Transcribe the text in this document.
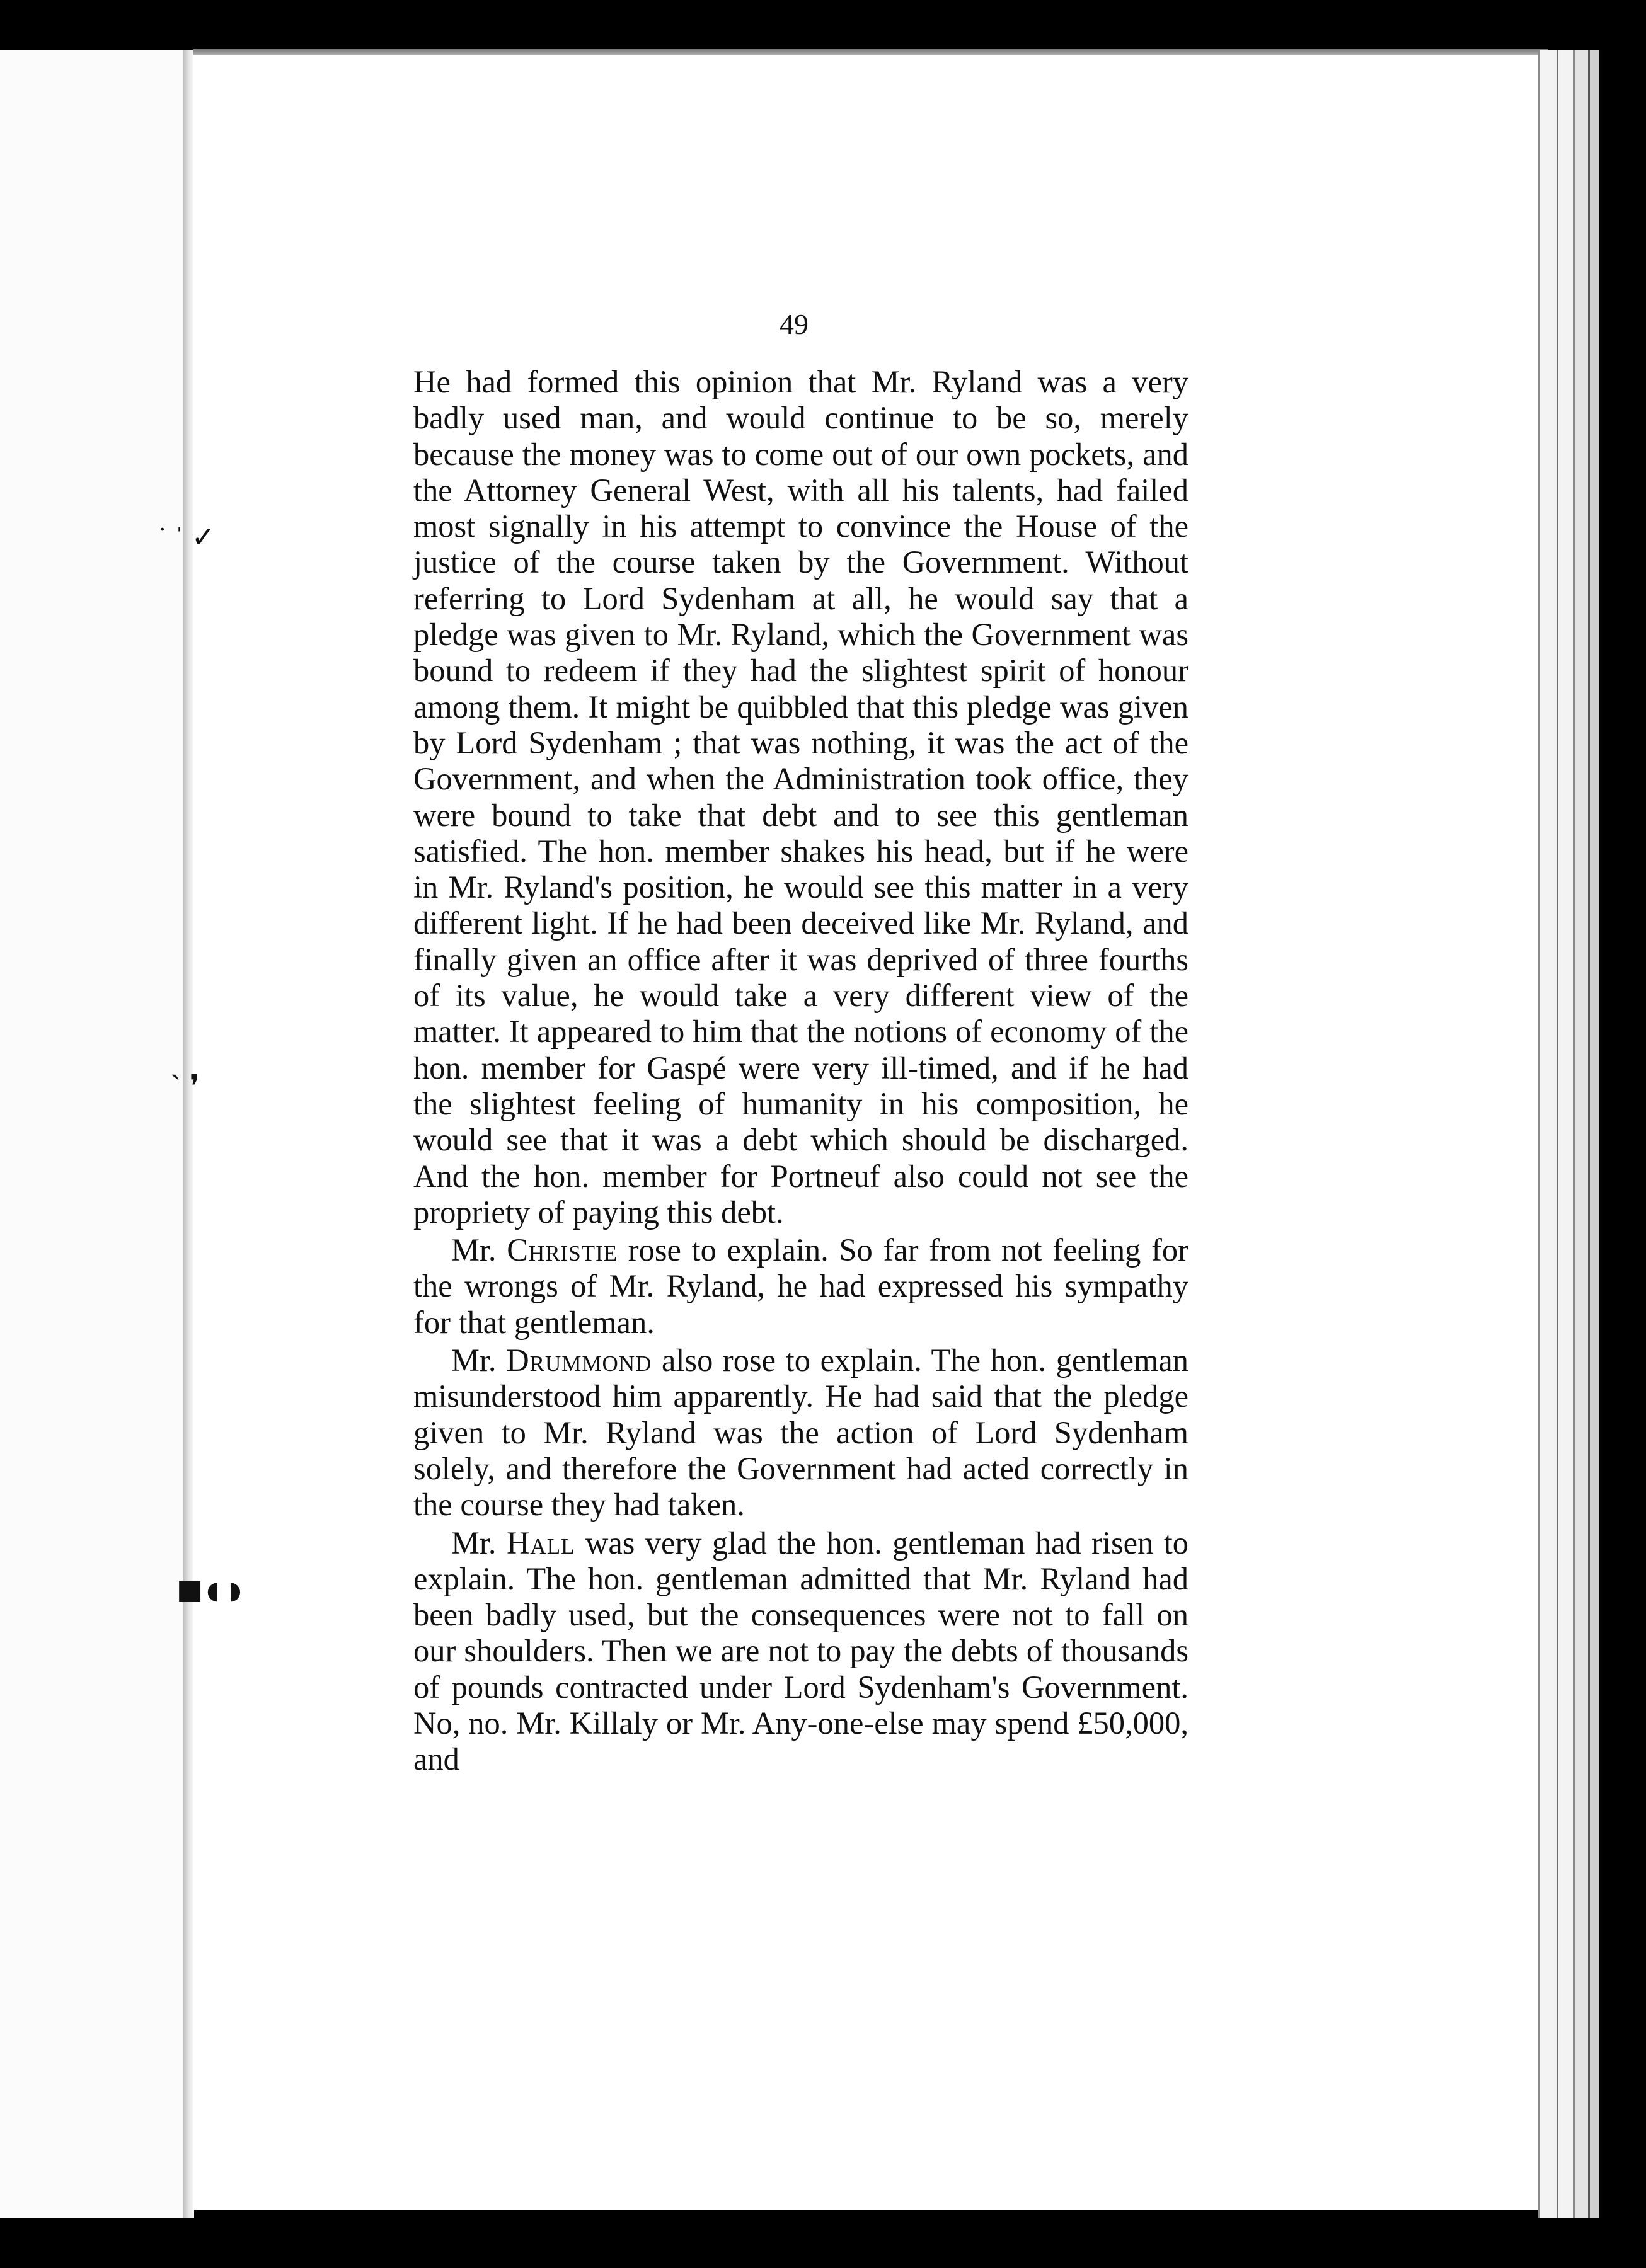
˙ ˈ ✓
ˋ ❜
■◖◗
49

He had formed this opinion that Mr. Ryland was a very badly used man, and would continue to be so, merely because the money was to come out of our own pockets, and the Attorney General West, with all his talents, had failed most signally in his attempt to convince the House of the justice of the course taken by the Government. Without referring to Lord Sydenham at all, he would say that a pledge was given to Mr. Ryland, which the Government was bound to redeem if they had the slightest spirit of honour among them. It might be quibbled that this pledge was given by Lord Sydenham ; that was nothing, it was the act of the Government, and when the Administration took office, they were bound to take that debt and to see this gentleman satisfied. The hon. member shakes his head, but if he were in Mr. Ryland's position, he would see this matter in a very different light. If he had been deceived like Mr. Ryland, and finally given an office after it was deprived of three fourths of its value, he would take a very different view of the matter. It appeared to him that the notions of economy of the hon. member for Gaspé were very ill-timed, and if he had the slightest feeling of humanity in his composition, he would see that it was a debt which should be discharged. And the hon. member for Portneuf also could not see the propriety of paying this debt.

Mr. Christie rose to explain. So far from not feeling for the wrongs of Mr. Ryland, he had expressed his sympathy for that gentleman.

Mr. Drummond also rose to explain. The hon. gentleman misunderstood him apparently. He had said that the pledge given to Mr. Ryland was the action of Lord Sydenham solely, and therefore the Government had acted correctly in the course they had taken.

Mr. Hall was very glad the hon. gentleman had risen to explain. The hon. gentleman admitted that Mr. Ryland had been badly used, but the consequences were not to fall on our shoulders. Then we are not to pay the debts of thousands of pounds contracted under Lord Sydenham's Government. No, no. Mr. Killaly or Mr. Any-one-else may spend £50,000, and
